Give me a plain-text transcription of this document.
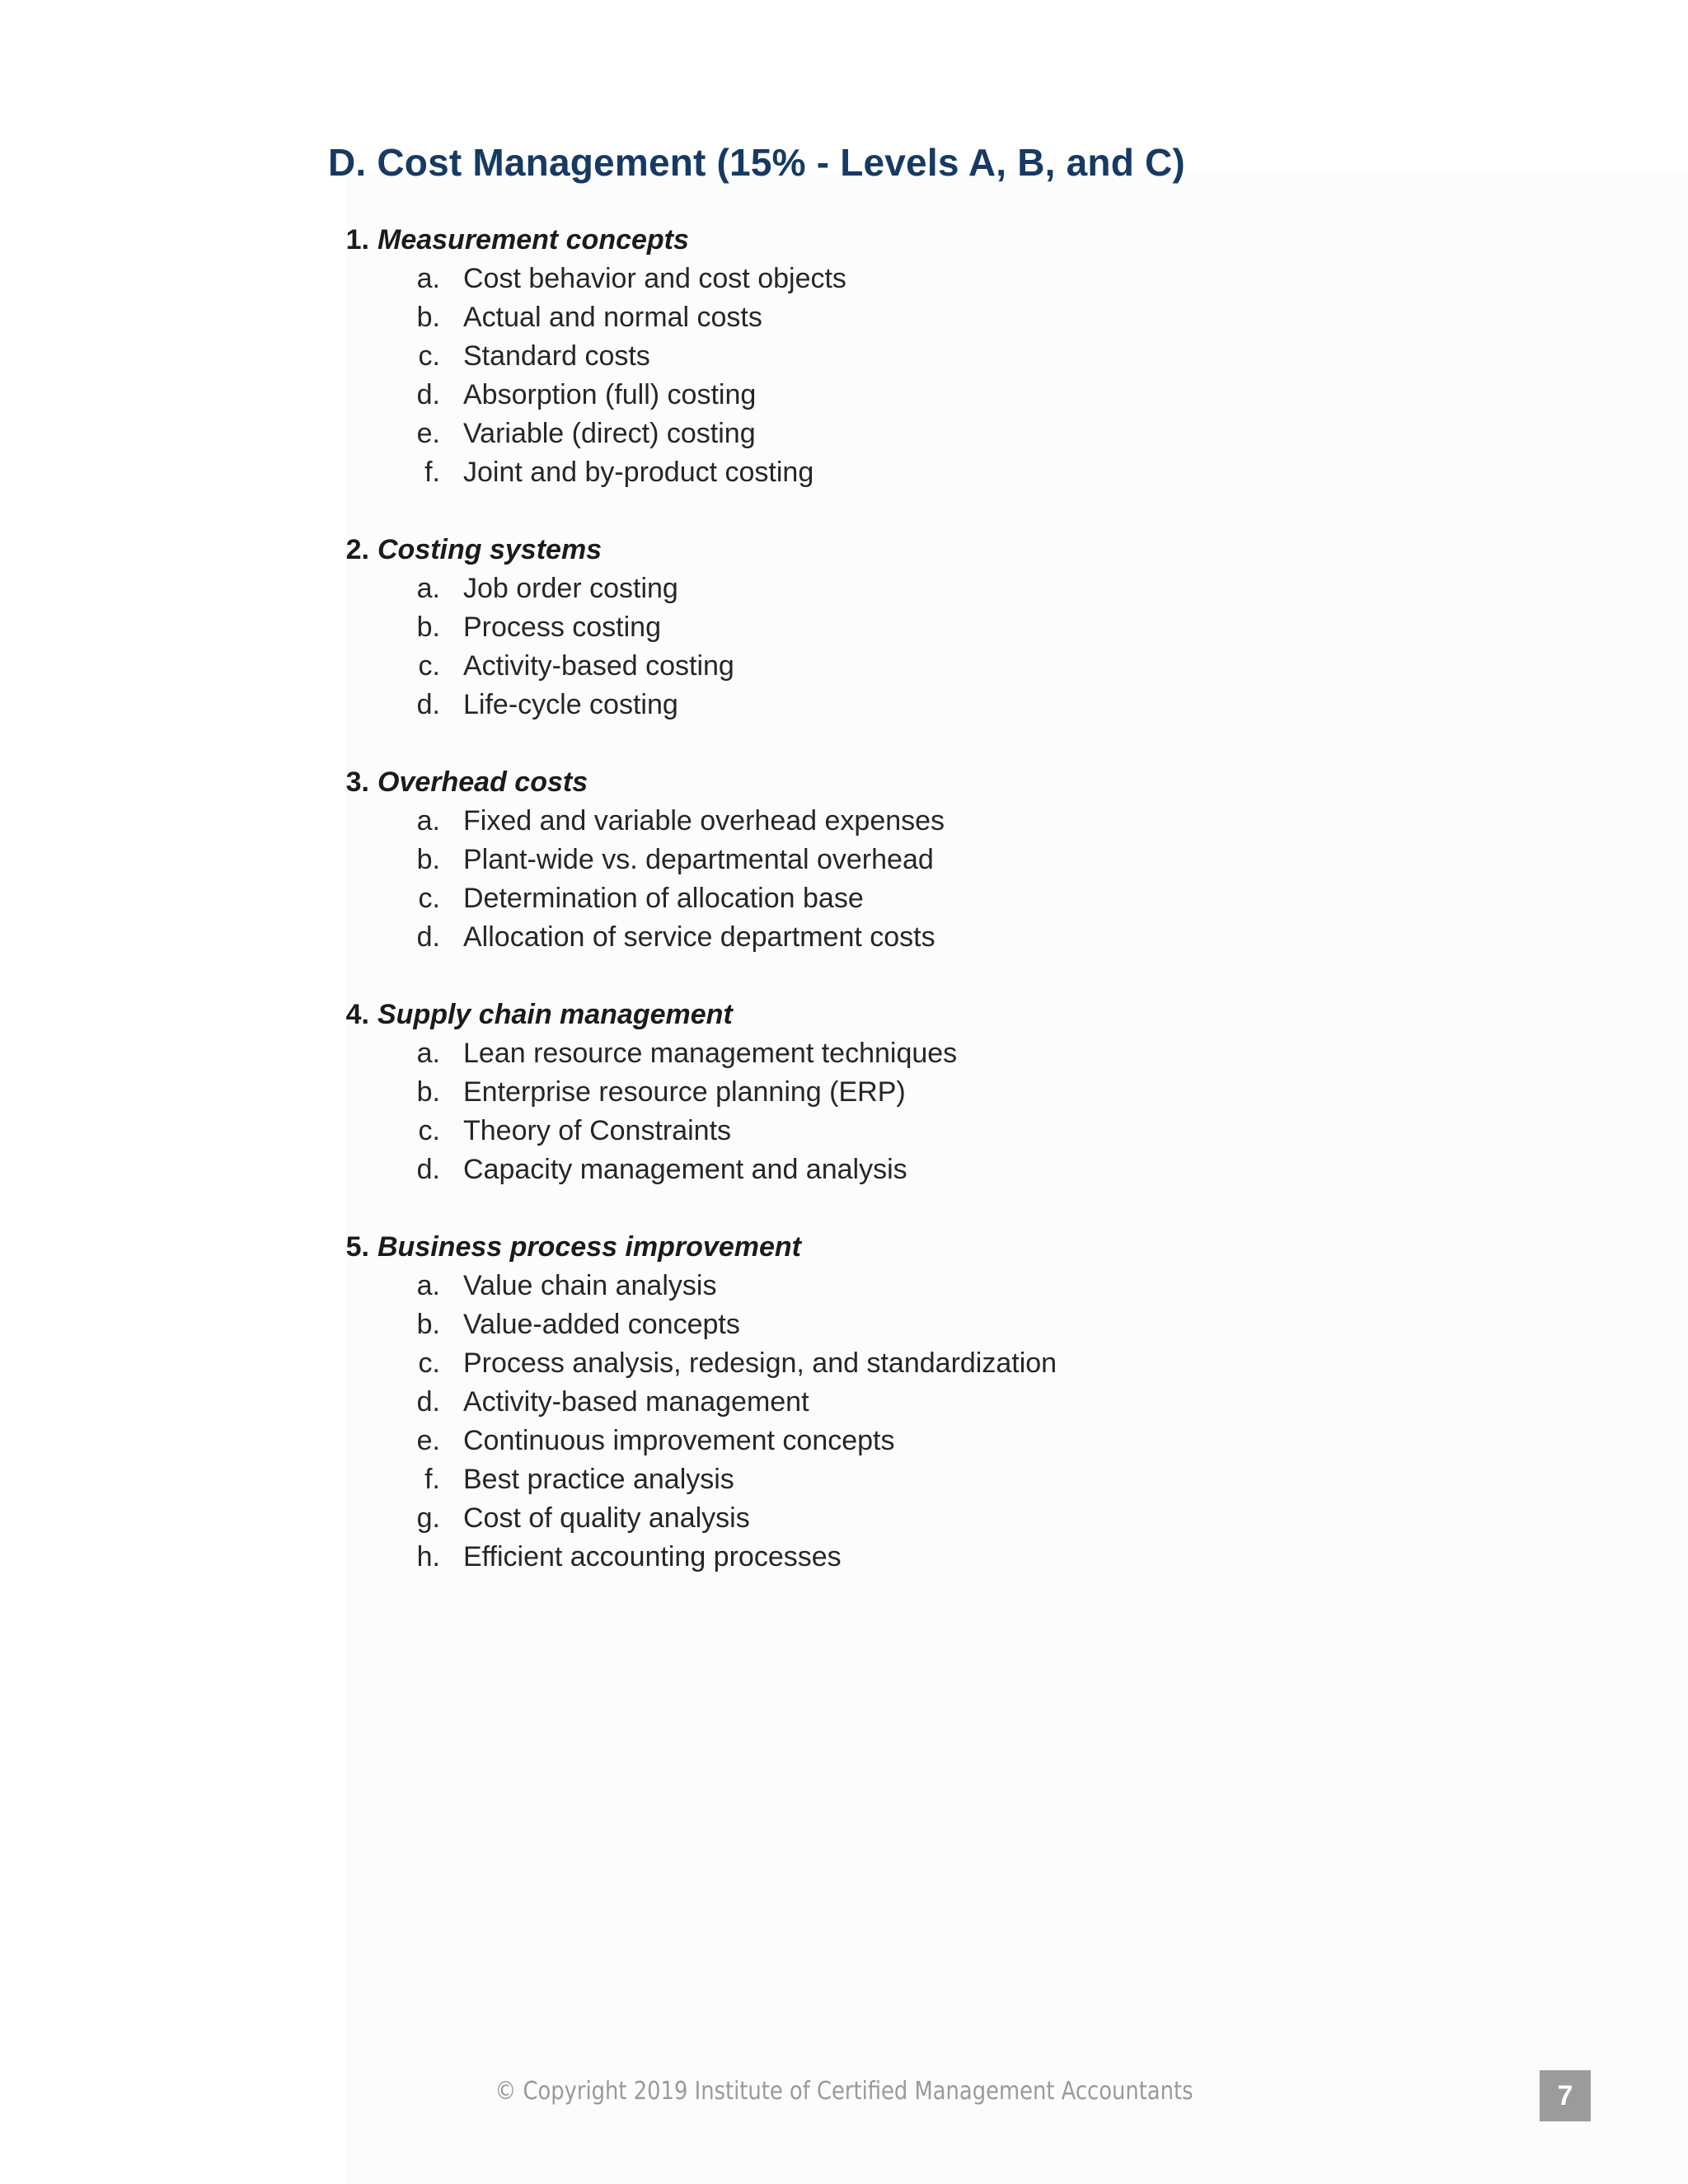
D. Cost Management (15% - Levels A, B, and C)
1. Measurement concepts
a. Cost behavior and cost objects
b. Actual and normal costs
c. Standard costs
d. Absorption (full) costing
e. Variable (direct) costing
f. Joint and by-product costing
2. Costing systems
a. Job order costing
b. Process costing
c. Activity-based costing
d. Life-cycle costing
3. Overhead costs
a. Fixed and variable overhead expenses
b. Plant-wide vs. departmental overhead
c. Determination of allocation base
d. Allocation of service department costs
4. Supply chain management
a. Lean resource management techniques
b. Enterprise resource planning (ERP)
c. Theory of Constraints
d. Capacity management and analysis
5. Business process improvement
a. Value chain analysis
b. Value-added concepts
c. Process analysis, redesign, and standardization
d. Activity-based management
e. Continuous improvement concepts
f. Best practice analysis
g. Cost of quality analysis
h. Efficient accounting processes
© Copyright 2019 Institute of Certified Management Accountants	7
